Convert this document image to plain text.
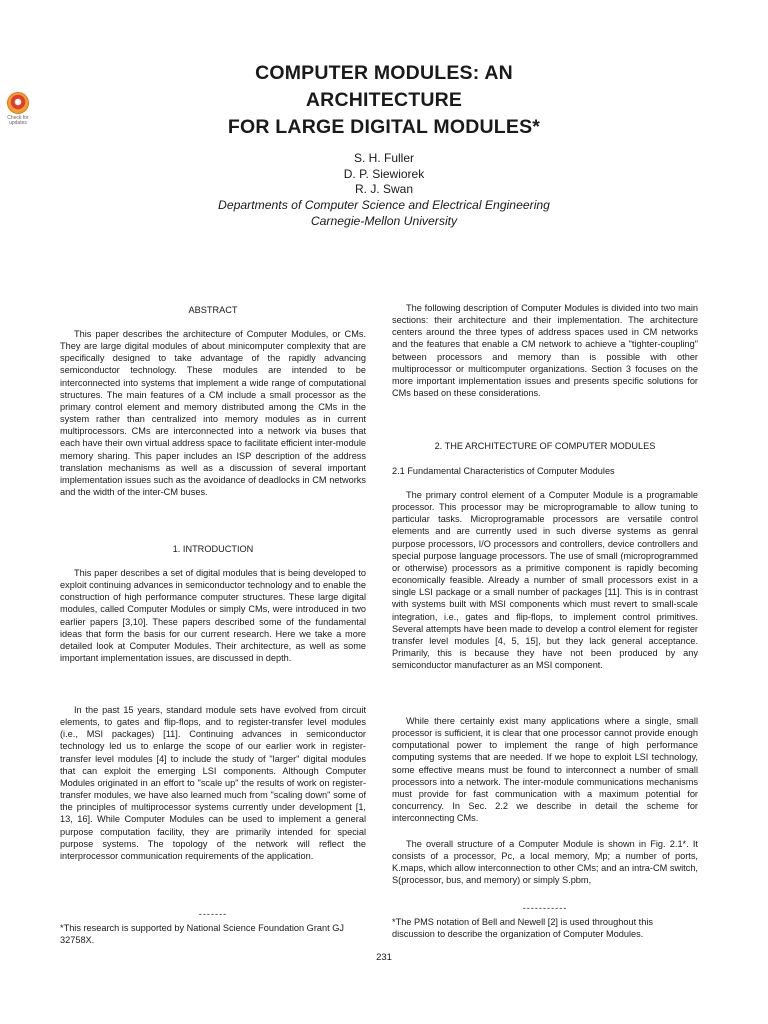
COMPUTER MODULES: AN
ARCHITECTURE
FOR LARGE DIGITAL MODULES*
Check for updates
S. H. Fuller
D. P. Siewiorek
R. J. Swan
Departments of Computer Science and Electrical Engineering
Carnegie-Mellon University
ABSTRACT

This paper describes the architecture of Computer Modules, or CMs. They are large digital modules of about minicomputer complexity that are specifically designed to take advantage of the rapidly advancing semiconductor technology. These modules are intended to be interconnected into systems that implement a wide range of computational structures. The main features of a CM include a small processor as the primary control element and memory distributed among the CMs in the system rather than centralized into memory modules as in current multiprocessors. CMs are interconnected into a network via buses that each have their own virtual address space to facilitate efficient inter-module memory sharing. This paper includes an ISP description of the address translation mechanisms as well as a discussion of several important implementation issues such as the avoidance of deadlocks in CM networks and the width of the inter-CM buses.

1. INTRODUCTION

This paper describes a set of digital modules that is being developed to exploit continuing advances in semiconductor technology and to enable the construction of high performance computer structures. These large digital modules, called Computer Modules or simply CMs, were introduced in two earlier papers [3,10]. These papers described some of the fundamental ideas that form the basis for our current research. Here we take a more detailed look at Computer Modules. Their architecture, as well as some important implementation issues, are discussed in depth.

In the past 15 years, standard module sets have evolved from circuit elements, to gates and flip-flops, and to register-transfer level modules (i.e., MSI packages) [11]. Continuing advances in semiconductor technology led us to enlarge the scope of our earlier work in register- transfer level modules [4] to include the study of "larger" digital modules that can exploit the emerging LSI components. Although Computer Modules originated in an effort to "scale up" the results of work on register-transfer modules, we have also learned much from "scaling down" some of the principles of multiprocessor systems currently under development [1, 13, 16]. While Computer Modules can be used to implement a general purpose computation facility, they are primarily intended for special purpose systems. The topology of the network will reflect the interprocessor communication requirements of the application.

-------
*This research is supported by National Science Foundation Grant GJ 32758X.

The following description of Computer Modules is divided into two main sections: their architecture and their implementation. The architecture centers around the three types of address spaces used in CM networks and the features that enable a CM network to achieve a "tighter-coupling" between processors and memory than is possible with other multiprocessor or multicomputer organizations. Section 3 focuses on the more important implementation issues and presents specific solutions for CMs based on these considerations.

2. THE ARCHITECTURE OF COMPUTER MODULES
2.1 Fundamental Characteristics of Computer Modules

The primary control element of a Computer Module is a programable processor. This processor may be microprogramable to allow tuning to particular tasks. Microprogramable processors are versatile control elements and are currently used in such diverse systems as genral purpose processors, I/O processors and controllers, device controllers and special purpose language processors. The use of small (microprogrammed or otherwise) processors as a primitive component is rapidly becoming economically feasible. Already a number of small processors exist in a single LSI package or a small number of packages [11]. This is in contrast with systems built with MSI components which must revert to small-scale integration, i.e., gates and flip-flops, to implement control primitives. Several attempts have been made to develop a control element for register transfer level modules [4, 5, 15], but they lack general acceptance. Primarily, this is because they have not been produced by any semiconductor manufacturer as an MSI component.

While there certainly exist many applications where a single, small processor is sufficient, it is clear that one processor cannot provide enough computational power to implement the range of high performance computing systems that are needed. If we hope to exploit LSI technology, some effective means must be found to interconnect a number of small processors into a network. The inter-module communications mechanisms must provide for fast communication with a maximum potential for concurrency. In Sec. 2.2 we describe in detail the scheme for interconnecting CMs.

The overall structure of a Computer Module is shown in Fig. 2.1*. It consists of a processor, Pc, a local memory, Mp; a number of ports, K.maps, which allow interconnection to other CMs; and an intra-CM switch, S(processor, bus, and memory) or simply S.pbm,

-----------
*The PMS notation of Bell and Newell [2] is used throughout this discussion to describe the organization of Computer Modules.
231
